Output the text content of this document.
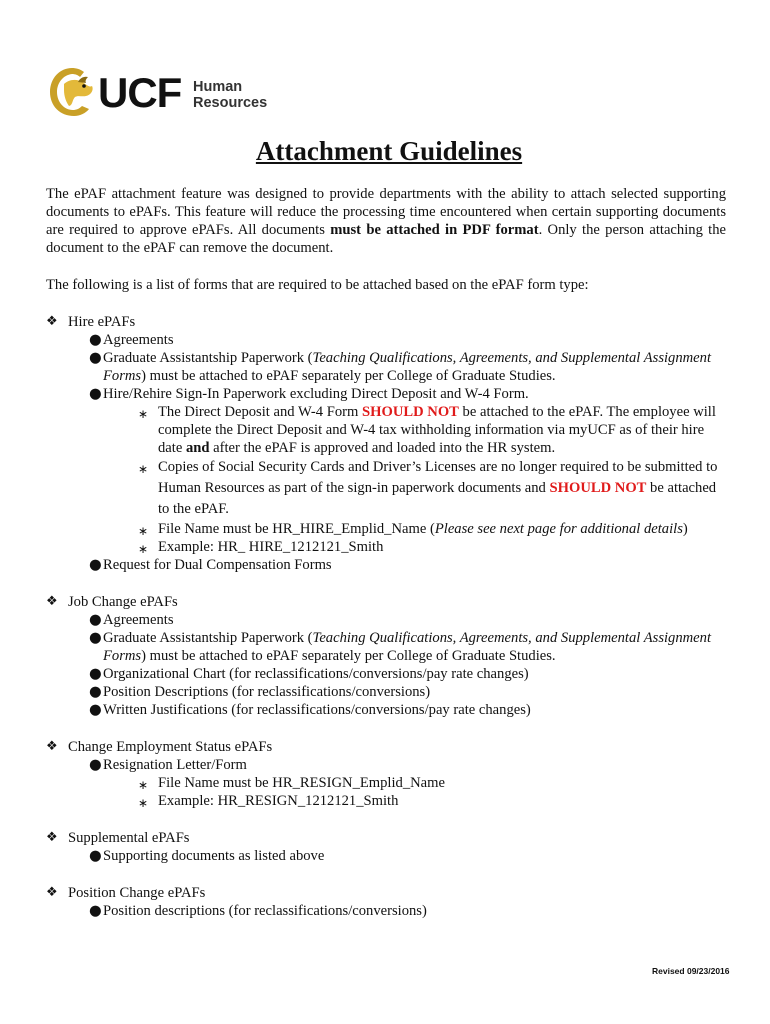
UCF Human
Resources
Attachment Guidelines

The ePAF attachment feature was designed to provide departments with the ability to attach selected supporting documents to ePAFs. This feature will reduce the processing time encountered when certain supporting documents are required to approve ePAFs. All documents must be attached in PDF format. Only the person attaching the document to the ePAF can remove the document.

The following is a list of forms that are required to be attached based on the ePAF form type:

❖ Hire ePAFs
● Agreements
● Graduate Assistantship Paperwork (Teaching Qualifications, Agreements, and Supplemental Assignment Forms) must be attached to ePAF separately per College of Graduate Studies.
● Hire/Rehire Sign-In Paperwork excluding Direct Deposit and W-4 Form.
∗ The Direct Deposit and W-4 Form SHOULD NOT be attached to the ePAF. The employee will complete the Direct Deposit and W-4 tax withholding information via myUCF as of their hire date and after the ePAF is approved and loaded into the HR system.
∗ Copies of Social Security Cards and Driver’s Licenses are no longer required to be submitted to Human Resources as part of the sign-in paperwork documents and SHOULD NOT be attached to the ePAF.
∗ File Name must be HR_HIRE_Emplid_Name (Please see next page for additional details)
∗ Example: HR_ HIRE_1212121_Smith
● Request for Dual Compensation Forms
❖ Job Change ePAFs
● Agreements
● Graduate Assistantship Paperwork (Teaching Qualifications, Agreements, and Supplemental Assignment Forms) must be attached to ePAF separately per College of Graduate Studies.
● Organizational Chart (for reclassifications/conversions/pay rate changes)
● Position Descriptions (for reclassifications/conversions)
● Written Justifications (for reclassifications/conversions/pay rate changes)
❖ Change Employment Status ePAFs
● Resignation Letter/Form
∗ File Name must be HR_RESIGN_Emplid_Name
∗ Example: HR_RESIGN_1212121_Smith
❖ Supplemental ePAFs
● Supporting documents as listed above
❖ Position Change ePAFs
● Position descriptions (for reclassifications/conversions)
Revised 09/23/2016
